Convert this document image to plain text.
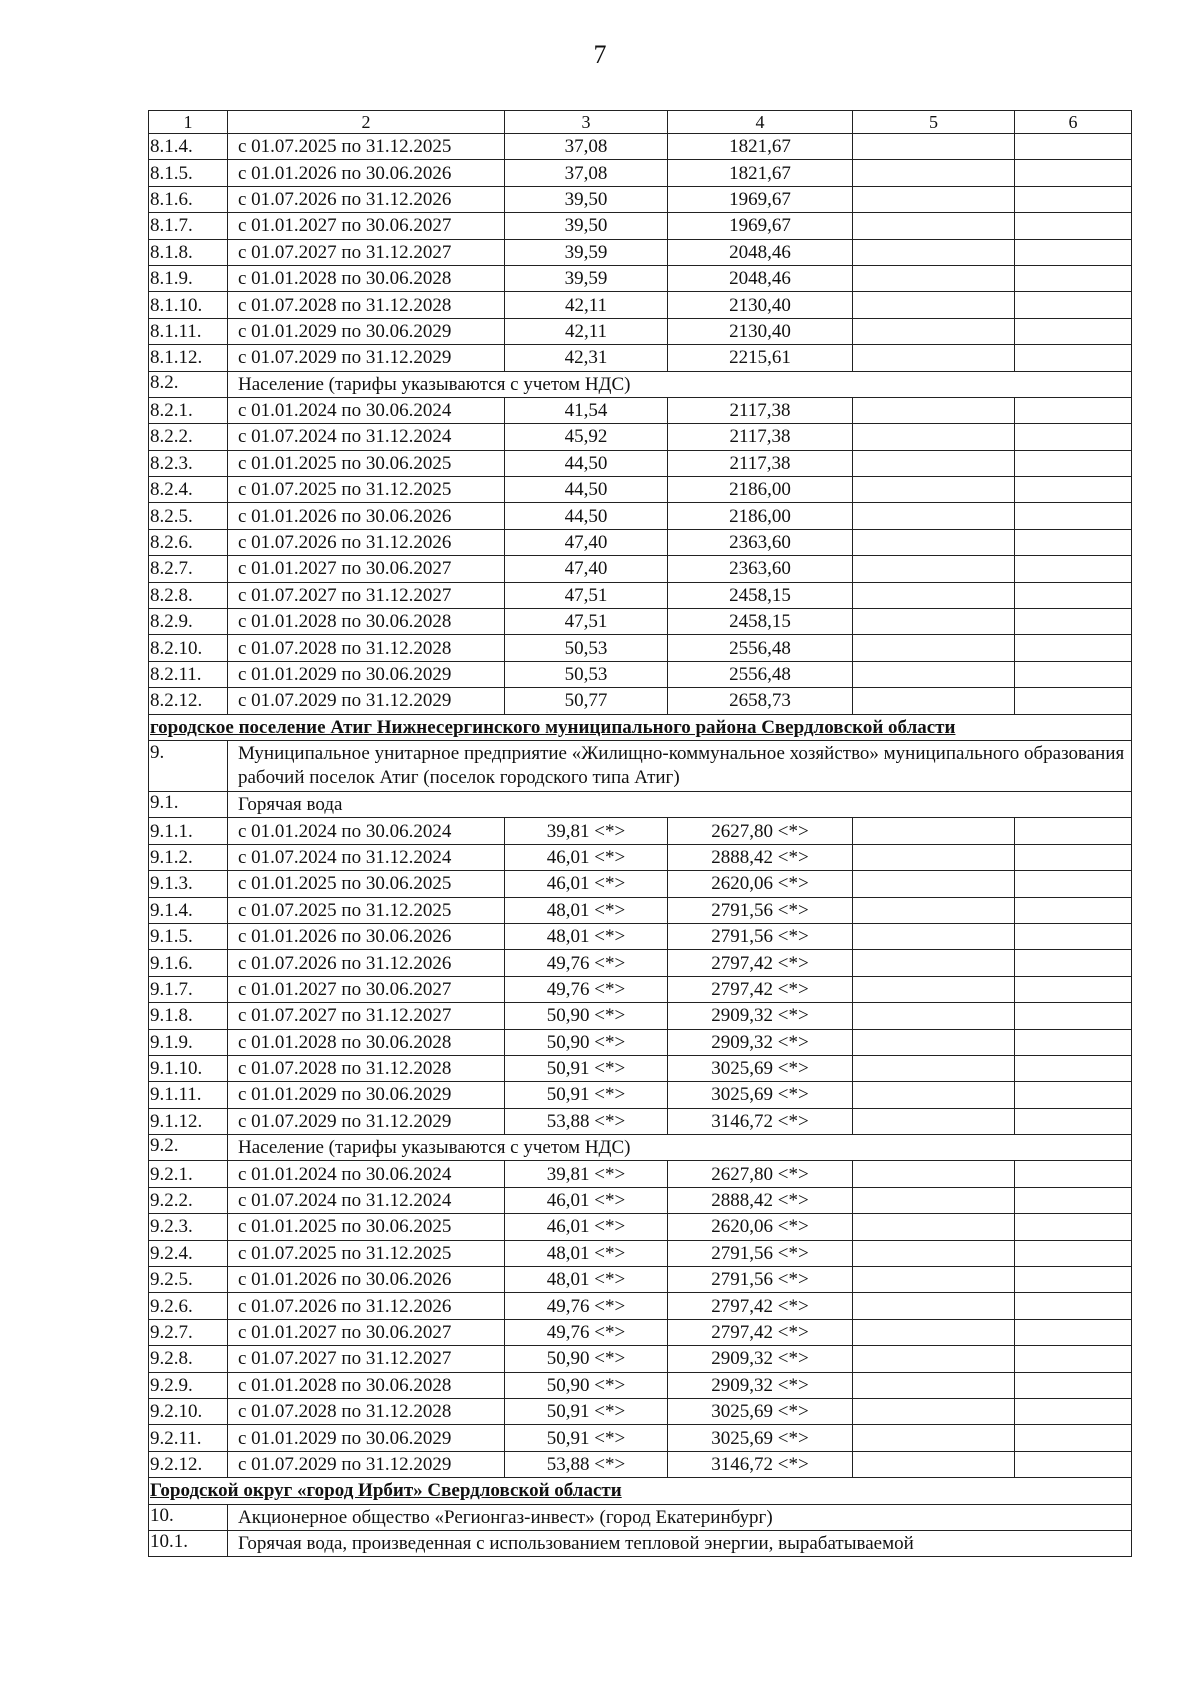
7
1	2	3	4	5	6
8.1.4.	с 01.07.2025 по 31.12.2025	37,08	1821,67		
8.1.5.	с 01.01.2026 по 30.06.2026	37,08	1821,67		
8.1.6.	с 01.07.2026 по 31.12.2026	39,50	1969,67		
8.1.7.	с 01.01.2027 по 30.06.2027	39,50	1969,67		
8.1.8.	с 01.07.2027 по 31.12.2027	39,59	2048,46		
8.1.9.	с 01.01.2028 по 30.06.2028	39,59	2048,46		
8.1.10.	с 01.07.2028 по 31.12.2028	42,11	2130,40		
8.1.11.	с 01.01.2029 по 30.06.2029	42,11	2130,40		
8.1.12.	с 01.07.2029 по 31.12.2029	42,31	2215,61		
8.2.	Население (тарифы указываются с учетом НДС)				
8.2.1.	с 01.01.2024 по 30.06.2024	41,54	2117,38		
8.2.2.	с 01.07.2024 по 31.12.2024	45,92	2117,38		
8.2.3.	с 01.01.2025 по 30.06.2025	44,50	2117,38		
8.2.4.	с 01.07.2025 по 31.12.2025	44,50	2186,00		
8.2.5.	с 01.01.2026 по 30.06.2026	44,50	2186,00		
8.2.6.	с 01.07.2026 по 31.12.2026	47,40	2363,60		
8.2.7.	с 01.01.2027 по 30.06.2027	47,40	2363,60		
8.2.8.	с 01.07.2027 по 31.12.2027	47,51	2458,15		
8.2.9.	с 01.01.2028 по 30.06.2028	47,51	2458,15		
8.2.10.	с 01.07.2028 по 31.12.2028	50,53	2556,48		
8.2.11.	с 01.01.2029 по 30.06.2029	50,53	2556,48		
8.2.12.	с 01.07.2029 по 31.12.2029	50,77	2658,73		
городское поселение Атиг Нижнесергинского муниципального района Свердловской области					
9.	Муниципальное унитарное предприятие «Жилищно-коммунальное хозяйство» муниципального образования рабочий поселок Атиг (поселок городского типа Атиг)				
9.1.	Горячая вода				
9.1.1.	с 01.01.2024 по 30.06.2024	39,81 <*>	2627,80 <*>		
9.1.2.	с 01.07.2024 по 31.12.2024	46,01 <*>	2888,42 <*>		
9.1.3.	с 01.01.2025 по 30.06.2025	46,01 <*>	2620,06 <*>		
9.1.4.	с 01.07.2025 по 31.12.2025	48,01 <*>	2791,56 <*>		
9.1.5.	с 01.01.2026 по 30.06.2026	48,01 <*>	2791,56 <*>		
9.1.6.	с 01.07.2026 по 31.12.2026	49,76 <*>	2797,42 <*>		
9.1.7.	с 01.01.2027 по 30.06.2027	49,76 <*>	2797,42 <*>		
9.1.8.	с 01.07.2027 по 31.12.2027	50,90 <*>	2909,32 <*>		
9.1.9.	с 01.01.2028 по 30.06.2028	50,90 <*>	2909,32 <*>		
9.1.10.	с 01.07.2028 по 31.12.2028	50,91 <*>	3025,69 <*>		
9.1.11.	с 01.01.2029 по 30.06.2029	50,91 <*>	3025,69 <*>		
9.1.12.	с 01.07.2029 по 31.12.2029	53,88 <*>	3146,72 <*>		
9.2.	Население (тарифы указываются с учетом НДС)				
9.2.1.	с 01.01.2024 по 30.06.2024	39,81 <*>	2627,80 <*>		
9.2.2.	с 01.07.2024 по 31.12.2024	46,01 <*>	2888,42 <*>		
9.2.3.	с 01.01.2025 по 30.06.2025	46,01 <*>	2620,06 <*>		
9.2.4.	с 01.07.2025 по 31.12.2025	48,01 <*>	2791,56 <*>		
9.2.5.	с 01.01.2026 по 30.06.2026	48,01 <*>	2791,56 <*>		
9.2.6.	с 01.07.2026 по 31.12.2026	49,76 <*>	2797,42 <*>		
9.2.7.	с 01.01.2027 по 30.06.2027	49,76 <*>	2797,42 <*>		
9.2.8.	с 01.07.2027 по 31.12.2027	50,90 <*>	2909,32 <*>		
9.2.9.	с 01.01.2028 по 30.06.2028	50,90 <*>	2909,32 <*>		
9.2.10.	с 01.07.2028 по 31.12.2028	50,91 <*>	3025,69 <*>		
9.2.11.	с 01.01.2029 по 30.06.2029	50,91 <*>	3025,69 <*>		
9.2.12.	с 01.07.2029 по 31.12.2029	53,88 <*>	3146,72 <*>		
Городской округ «город Ирбит» Свердловской области					
10.	Акционерное общество «Регионгаз-инвест» (город Екатеринбург)				
10.1.	Горячая вода, произведенная с использованием тепловой энергии, вырабатываемой				
